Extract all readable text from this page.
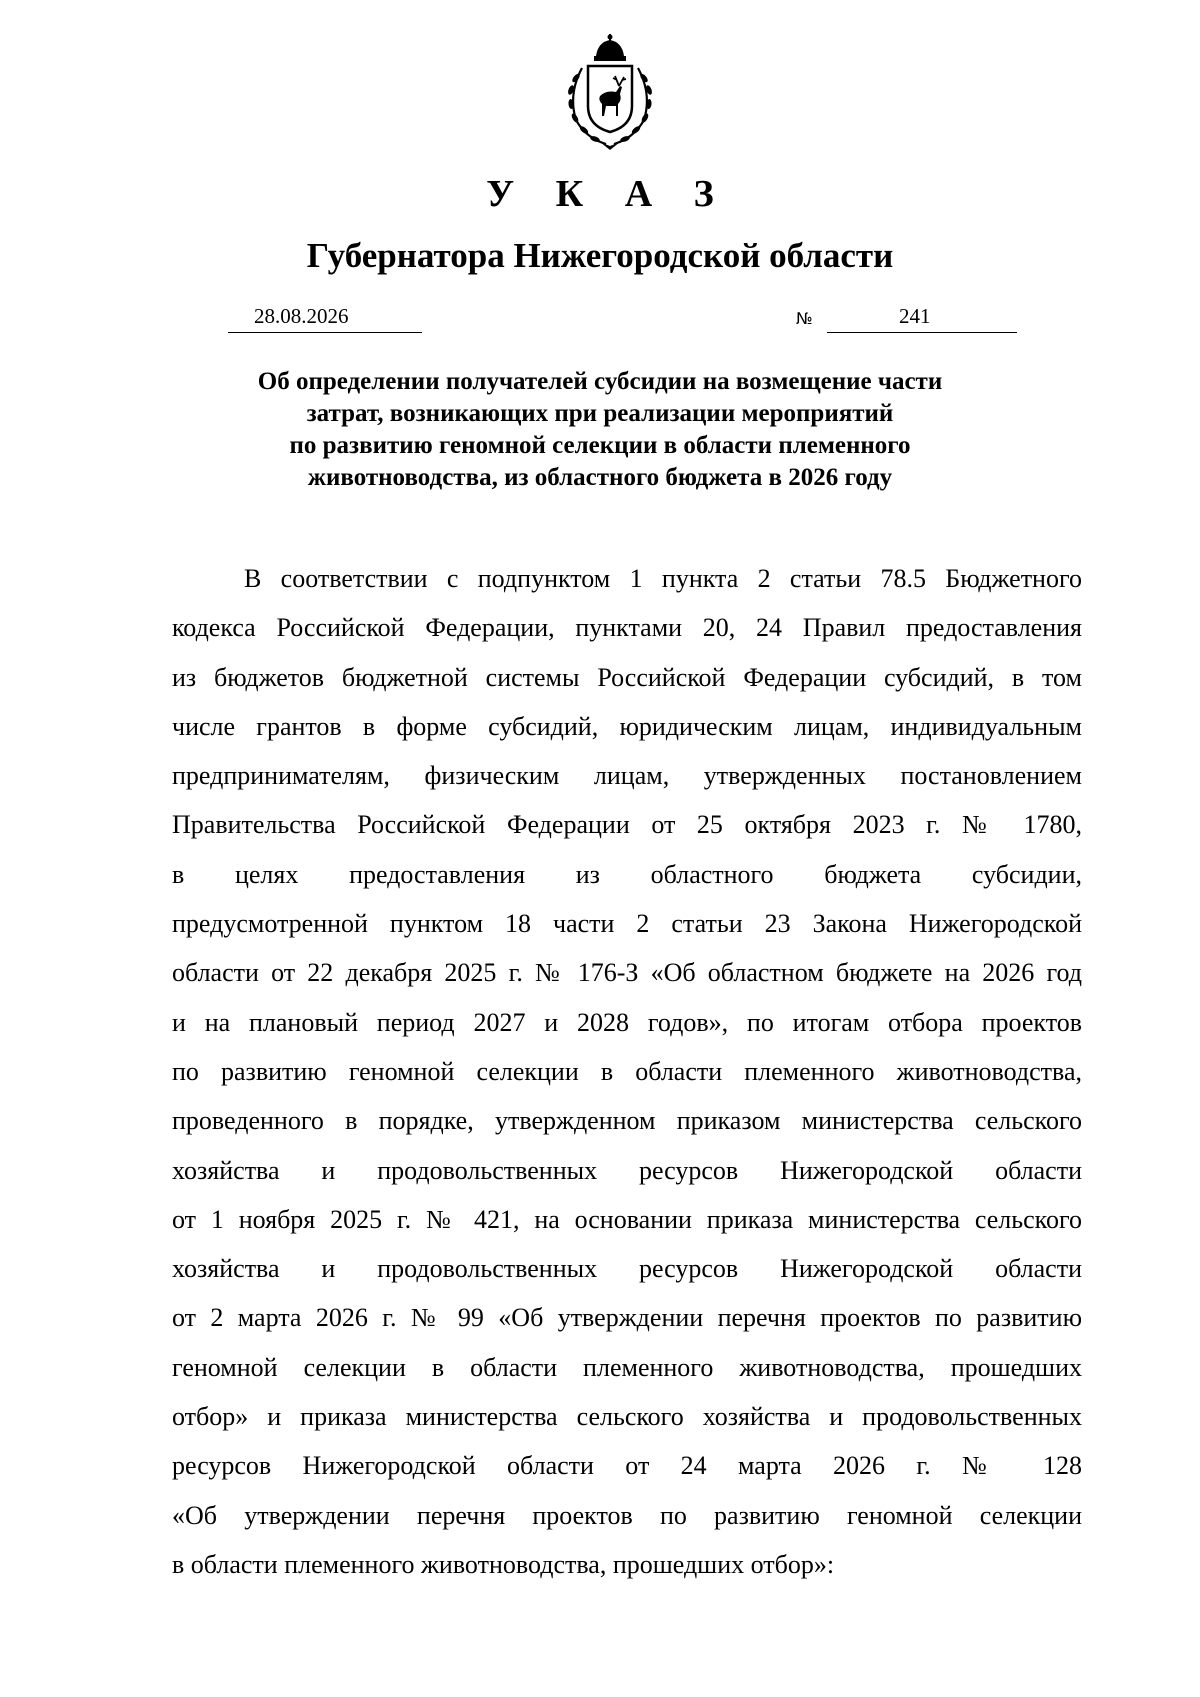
У К А З
Губернатора Нижегородской области
28.08.2026	№	241
Об определении получателей субсидии на возмещение части
затрат, возникающих при реализации мероприятий
по развитию геномной селекции в области племенного
животноводства, из областного бюджета в 2026 году
В соответствии с подпунктом 1 пункта 2 статьи 78.5 Бюджетного
кодекса Российской Федерации, пунктами 20, 24 Правил предоставления
из бюджетов бюджетной системы Российской Федерации субсидий, в том
числе грантов в форме субсидий, юридическим лицам, индивидуальным
предпринимателям, физическим лицам, утвержденных постановлением
Правительства Российской Федерации от 25 октября 2023 г. № 1780,
в целях предоставления из областного бюджета субсидии,
предусмотренной пунктом 18 части 2 статьи 23 Закона Нижегородской
области от 22 декабря 2025 г. № 176-З «Об областном бюджете на 2026 год
и на плановый период 2027 и 2028 годов», по итогам отбора проектов
по развитию геномной селекции в области племенного животноводства,
проведенного в порядке, утвержденном приказом министерства сельского
хозяйства и продовольственных ресурсов Нижегородской области
от 1 ноября 2025 г. № 421, на основании приказа министерства сельского
хозяйства и продовольственных ресурсов Нижегородской области
от 2 марта 2026 г. № 99 «Об утверждении перечня проектов по развитию
геномной селекции в области племенного животноводства, прошедших
отбор» и приказа министерства сельского хозяйства и продовольственных
ресурсов Нижегородской области от 24 марта 2026 г. № 128
«Об утверждении перечня проектов по развитию геномной селекции
в области племенного животноводства, прошедших отбор»:
